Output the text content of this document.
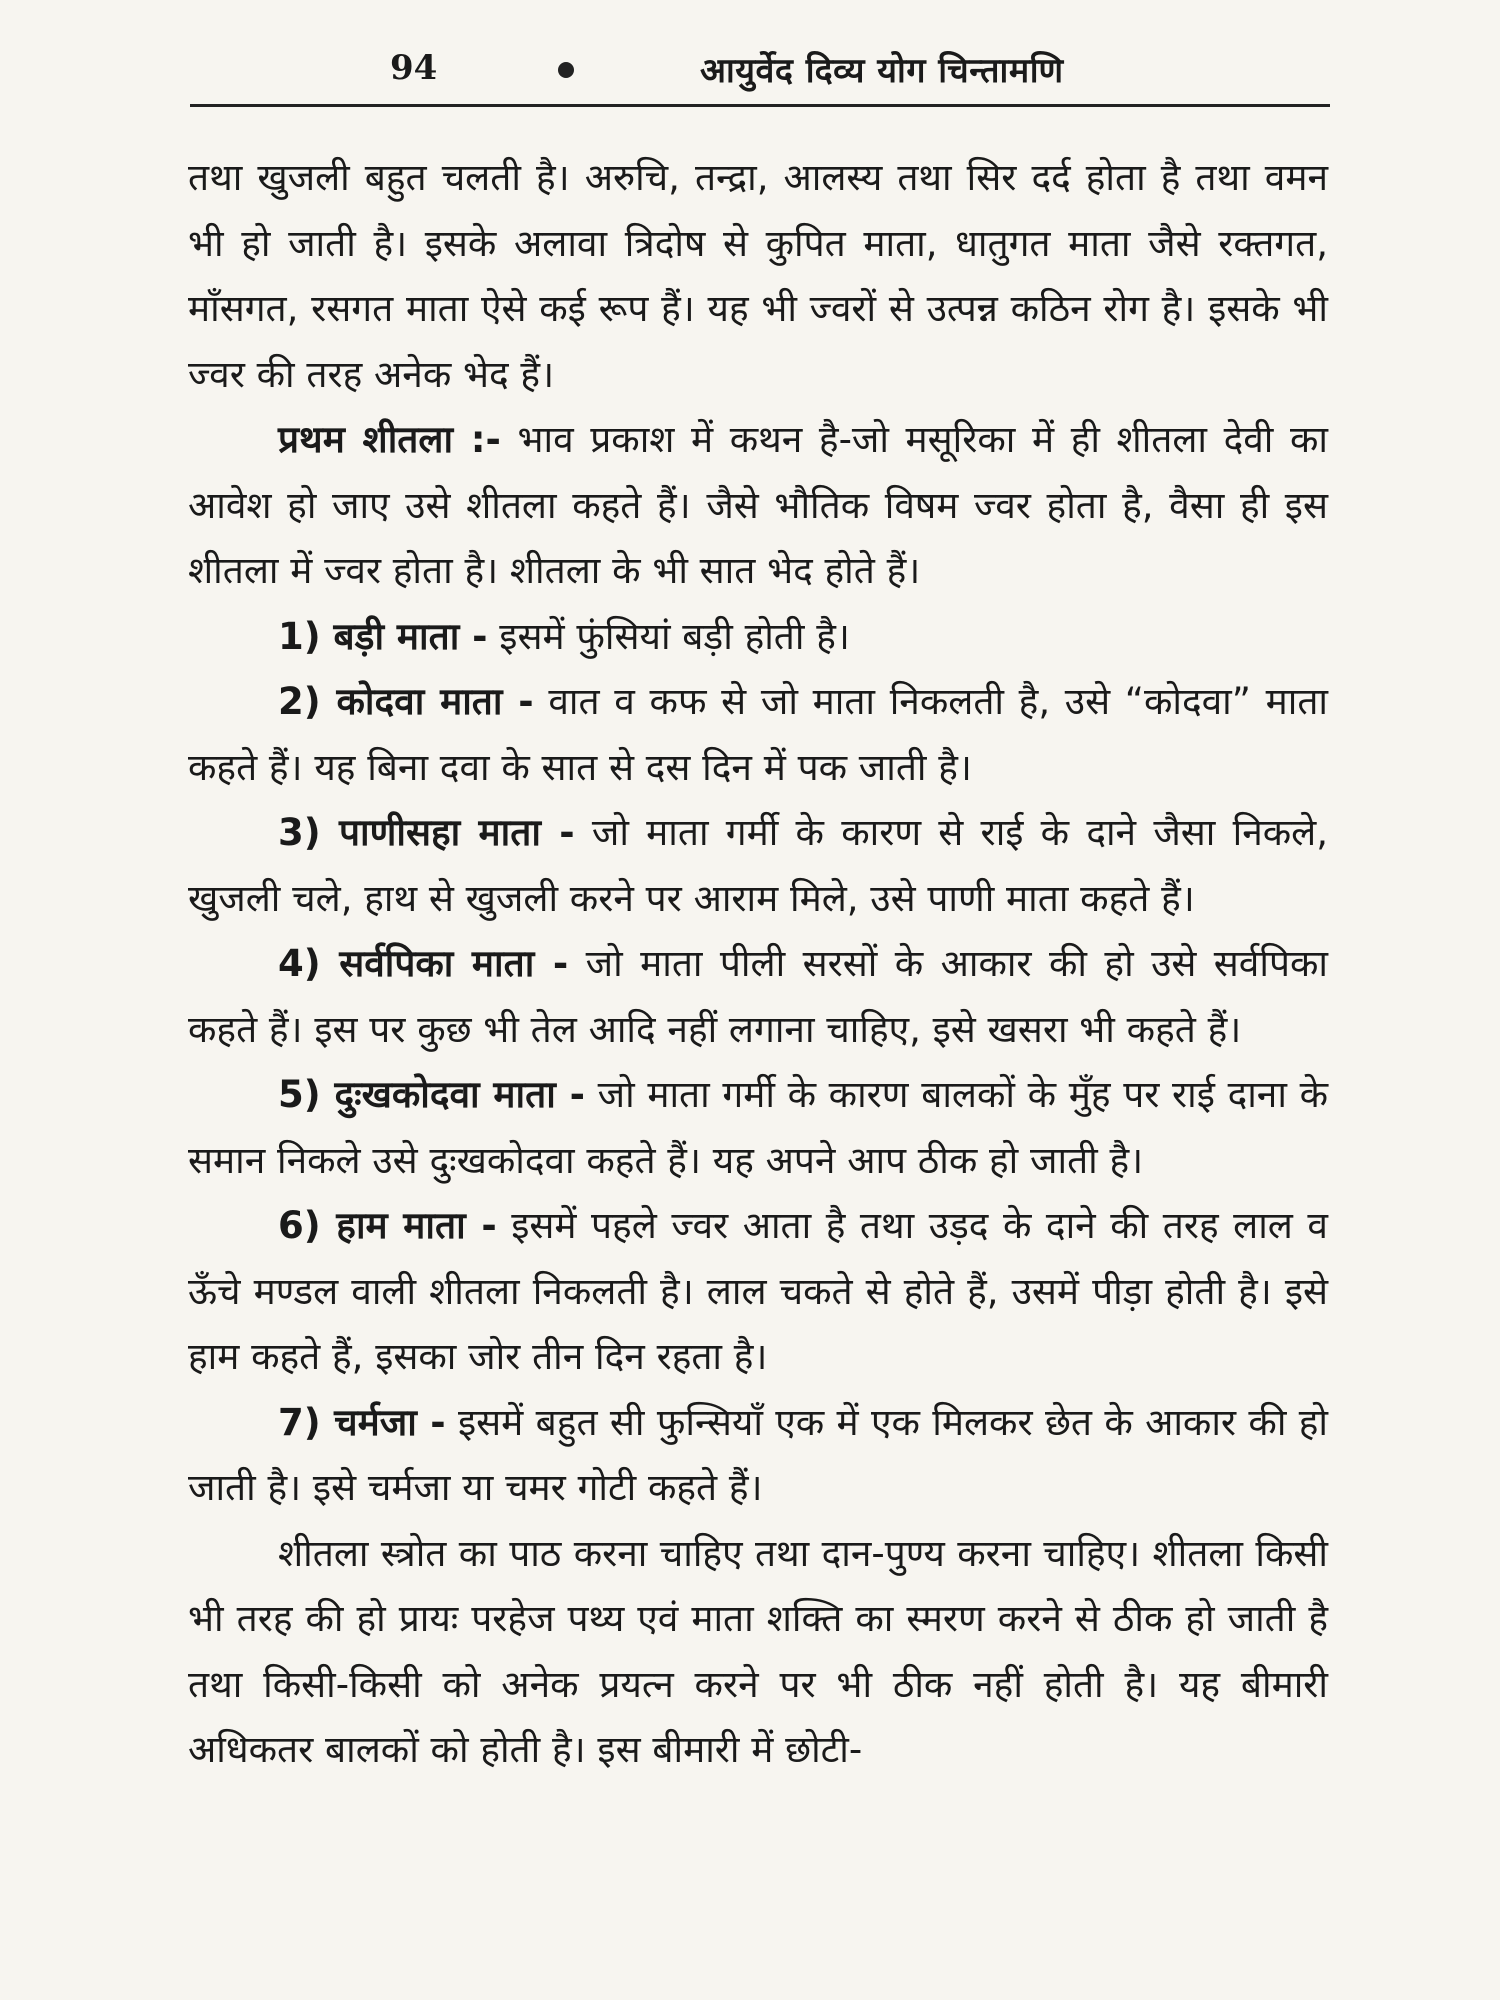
94	आयुर्वेद दिव्य योग चिन्तामणि

तथा खुजली बहुत चलती है। अरुचि, तन्द्रा, आलस्य तथा सिर दर्द होता है तथा वमन भी हो जाती है। इसके अलावा त्रिदोष से कुपित माता, धातुगत माता जैसे रक्तगत, माँसगत, रसगत माता ऐसे कई रूप हैं। यह भी ज्वरों से उत्पन्न कठिन रोग है। इसके भी ज्वर की तरह अनेक भेद हैं।

प्रथम शीतला :- भाव प्रकाश में कथन है-जो मसूरिका में ही शीतला देवी का आवेश हो जाए उसे शीतला कहते हैं। जैसे भौतिक विषम ज्वर होता है, वैसा ही इस शीतला में ज्वर होता है। शीतला के भी सात भेद होते हैं।

1) बड़ी माता - इसमें फुंसियां बड़ी होती है।

2) कोदवा माता - वात व कफ से जो माता निकलती है, उसे “कोदवा” माता कहते हैं। यह बिना दवा के सात से दस दिन में पक जाती है।

3) पाणीसहा माता - जो माता गर्मी के कारण से राई के दाने जैसा निकले, खुजली चले, हाथ से खुजली करने पर आराम मिले, उसे पाणी माता कहते हैं।

4) सर्वपिका माता - जो माता पीली सरसों के आकार की हो उसे सर्वपिका कहते हैं। इस पर कुछ भी तेल आदि नहीं लगाना चाहिए, इसे खसरा भी कहते हैं।

5) दुःखकोदवा माता - जो माता गर्मी के कारण बालकों के मुँह पर राई दाना के समान निकले उसे दुःखकोदवा कहते हैं। यह अपने आप ठीक हो जाती है।

6) हाम माता - इसमें पहले ज्वर आता है तथा उड़द के दाने की तरह लाल व ऊँचे मण्डल वाली शीतला निकलती है। लाल चकते से होते हैं, उसमें पीड़ा होती है। इसे हाम कहते हैं, इसका जोर तीन दिन रहता है।

7) चर्मजा - इसमें बहुत सी फुन्सियाँ एक में एक मिलकर छेत के आकार की हो जाती है। इसे चर्मजा या चमर गोटी कहते हैं।

शीतला स्त्रोत का पाठ करना चाहिए तथा दान-पुण्य करना चाहिए। शीतला किसी भी तरह की हो प्रायः परहेज पथ्य एवं माता शक्ति का स्मरण करने से ठीक हो जाती है तथा किसी-किसी को अनेक प्रयत्न करने पर भी ठीक नहीं होती है। यह बीमारी अधिकतर बालकों को होती है। इस बीमारी में छोटी-
